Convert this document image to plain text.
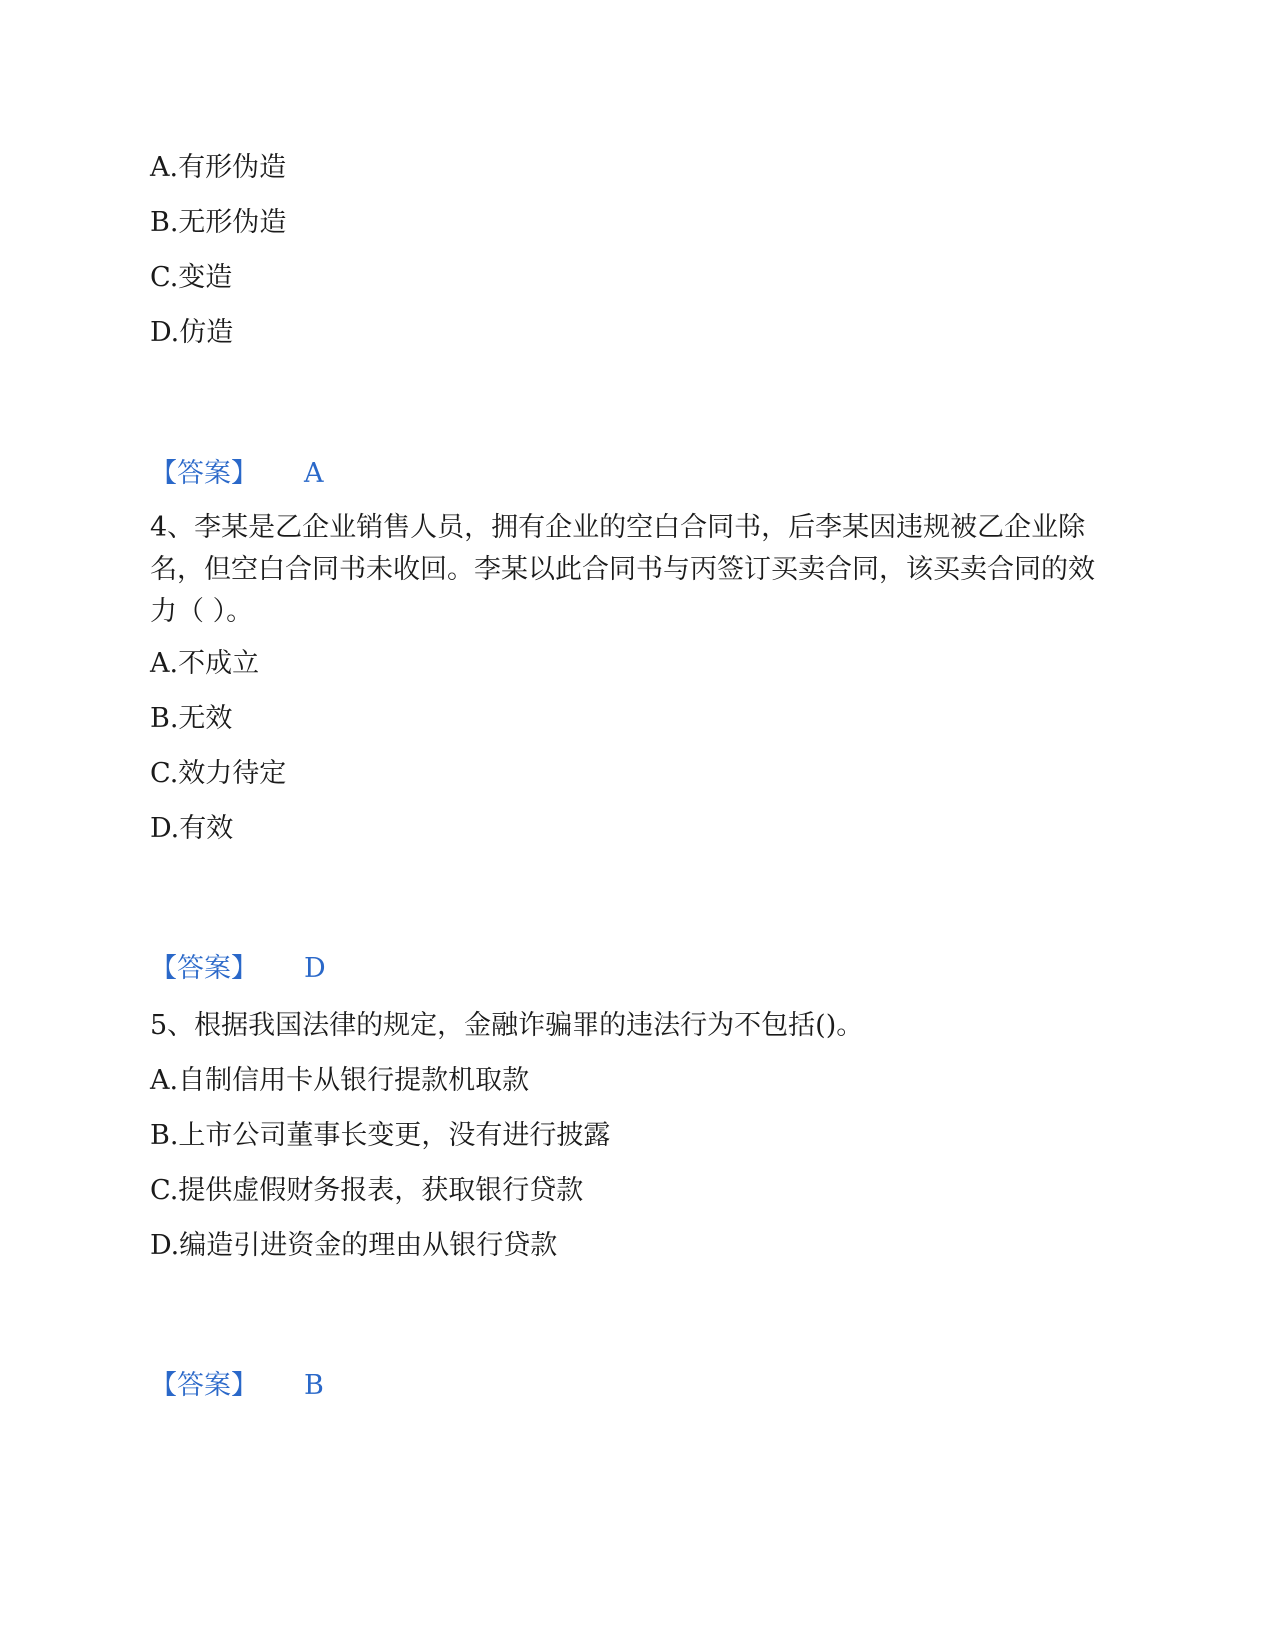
A.有形伪造
B.无形伪造
C.变造
D.仿造
【答案】 A
4、李某是乙企业销售人员，拥有企业的空白合同书，后李某因违规被乙企业除名，但空白合同书未收回。李某以此合同书与丙签订买卖合同，该买卖合同的效力（ ）。
A.不成立
B.无效
C.效力待定
D.有效
【答案】 D
5、根据我国法律的规定，金融诈骗罪的违法行为不包括()。
A.自制信用卡从银行提款机取款
B.上市公司董事长变更，没有进行披露
C.提供虚假财务报表，获取银行贷款
D.编造引进资金的理由从银行贷款
【答案】 B
